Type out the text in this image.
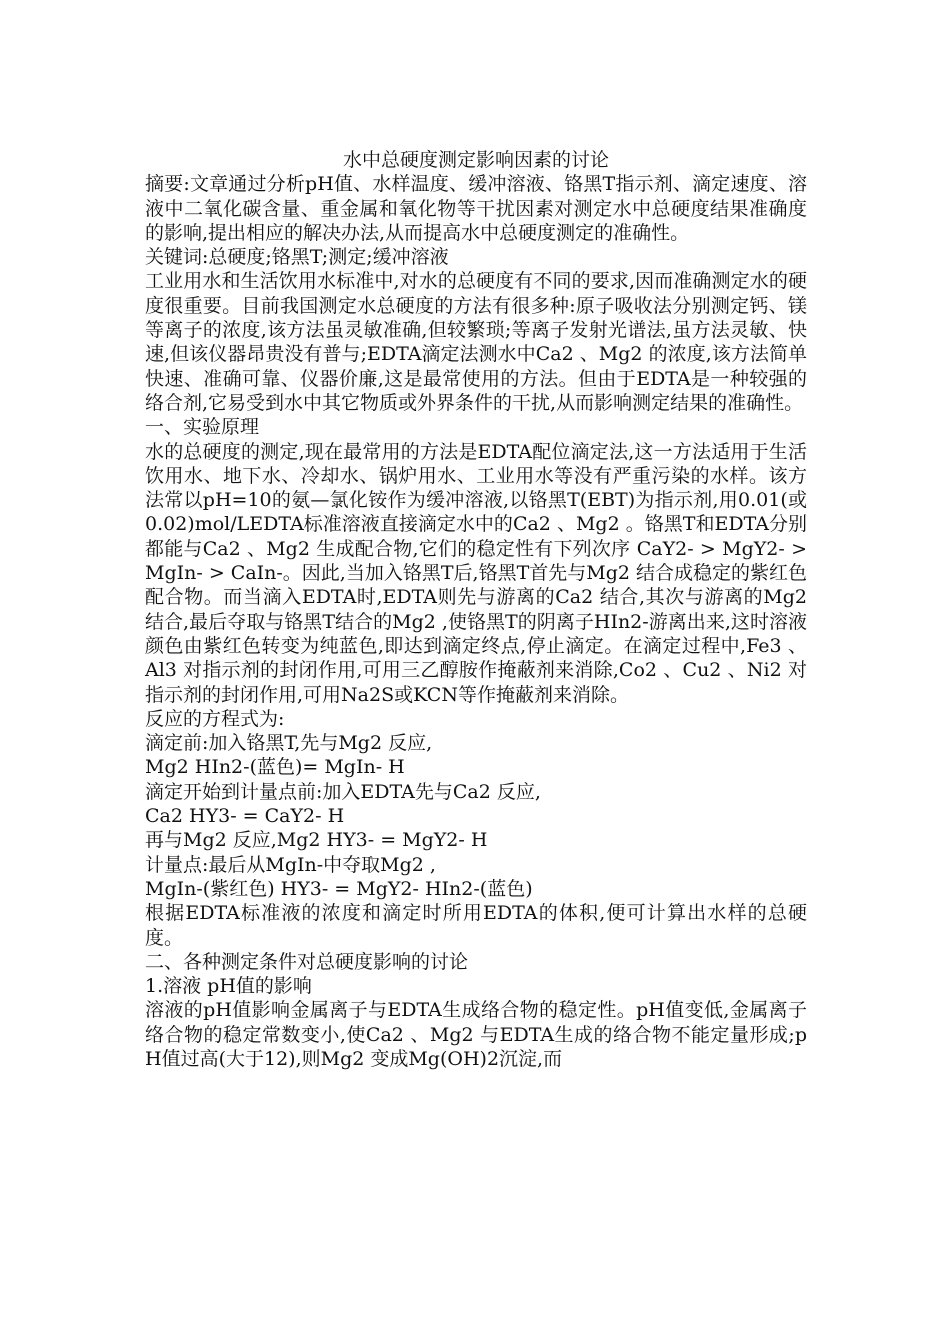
水中总硬度测定影响因素的讨论

摘要:文章通过分析pH值、水样温度、缓冲溶液、铬黑T指示剂、滴定速度、溶液中二氧化碳含量、重金属和氧化物等干扰因素对测定水中总硬度结果准确度的影响,提出相应的解决办法,从而提高水中总硬度测定的准确性。

关键词:总硬度;铬黑T;测定;缓冲溶液

工业用水和生活饮用水标准中,对水的总硬度有不同的要求,因而准确测定水的硬度很重要。目前我国测定水总硬度的方法有很多种:原子吸收法分别测定钙、镁等离子的浓度,该方法虽灵敏准确,但较繁琐;等离子发射光谱法,虽方法灵敏、快速,但该仪器昂贵没有普与;EDTA滴定法测水中Ca2 、Mg2 的浓度,该方法简单快速、准确可靠、仪器价廉,这是最常使用的方法。但由于EDTA是一种较强的络合剂,它易受到水中其它物质或外界条件的干扰,从而影响测定结果的准确性。

一、实验原理

水的总硬度的测定,现在最常用的方法是EDTA配位滴定法,这一方法适用于生活饮用水、地下水、冷却水、锅炉用水、工业用水等没有严重污染的水样。该方法常以pH=10的氨—氯化铵作为缓冲溶液,以铬黑T(EBT)为指示剂,用0.01(或0.02)mol/LEDTA标准溶液直接滴定水中的Ca2 、Mg2 。铬黑T和EDTA分别都能与Ca2 、Mg2 生成配合物,它们的稳定性有下列次序 CaY2- > MgY2- >MgIn- > CaIn-。因此,当加入铬黑T后,铬黑T首先与Mg2 结合成稳定的紫红色配合物。而当滴入EDTA时,EDTA则先与游离的Ca2 结合,其次与游离的Mg2 结合,最后夺取与铬黑T结合的Mg2 ,使铬黑T的阴离子HIn2-游离出来,这时溶液颜色由紫红色转变为纯蓝色,即达到滴定终点,停止滴定。在滴定过程中,Fe3 、Al3 对指示剂的封闭作用,可用三乙醇胺作掩蔽剂来消除,Co2 、Cu2 、Ni2 对指示剂的封闭作用,可用Na2S或KCN等作掩蔽剂来消除。

反应的方程式为:

滴定前:加入铬黑T,先与Mg2 反应,

Mg2 HIn2-(蓝色)= MgIn- H

滴定开始到计量点前:加入EDTA先与Ca2 反应,

Ca2 HY3- = CaY2- H

再与Mg2 反应,Mg2 HY3- = MgY2- H

计量点:最后从MgIn-中夺取Mg2 ,

MgIn-(紫红色) HY3- = MgY2- HIn2-(蓝色)

根据EDTA标准液的浓度和滴定时所用EDTA的体积,便可计算出水样的总硬度。

二、各种测定条件对总硬度影响的讨论

1.溶液 pH值的影响

溶液的pH值影响金属离子与EDTA生成络合物的稳定性。pH值变低,金属离子络合物的稳定常数变小,使Ca2 、Mg2 与EDTA生成的络合物不能定量形成;pH值过高(大于12),则Mg2 变成Mg(OH)2沉淀,而
